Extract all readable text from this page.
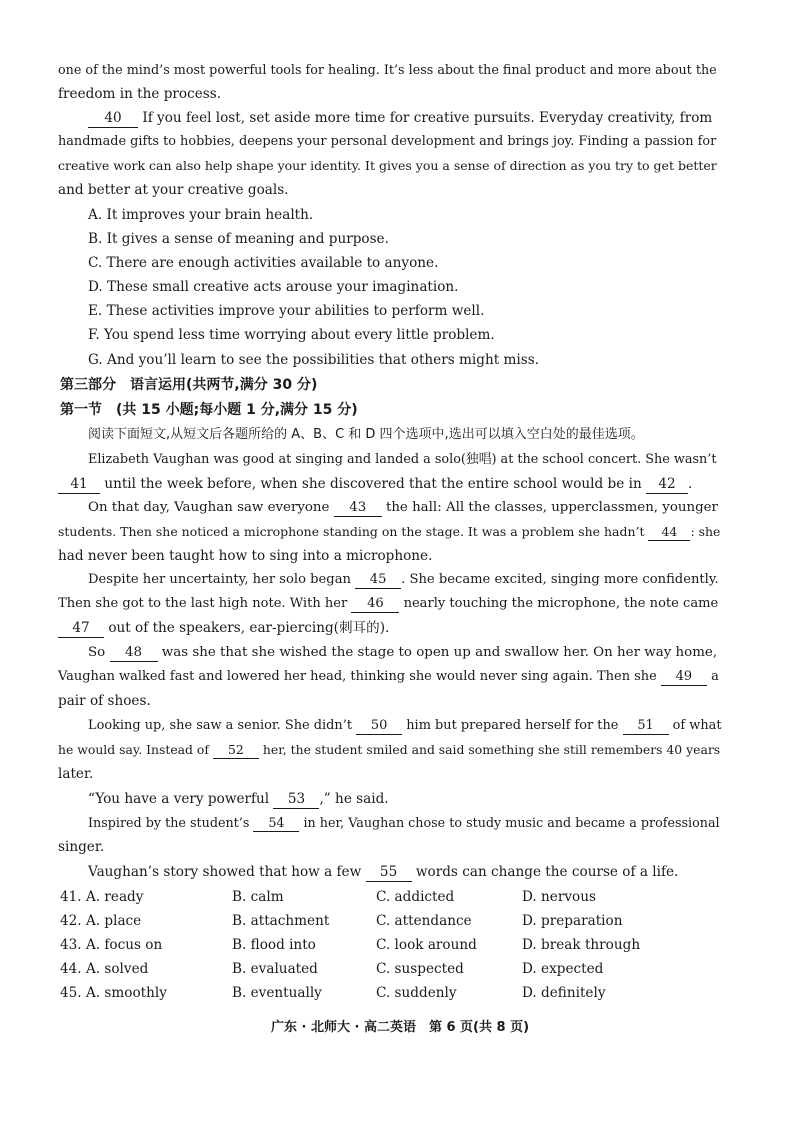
one of the mind’s most powerful tools for healing. It’s less about the final product and more about the
freedom in the process.
40 If you feel lost, set aside more time for creative pursuits. Everyday creativity, from
handmade gifts to hobbies, deepens your personal development and brings joy. Finding a passion for
creative work can also help shape your identity. It gives you a sense of direction as you try to get better
and better at your creative goals.
A. It improves your brain health.
B. It gives a sense of meaning and purpose.
C. There are enough activities available to anyone.
D. These small creative acts arouse your imagination.
E. These activities improve your abilities to perform well.
F. You spend less time worrying about every little problem.
G. And you’ll learn to see the possibilities that others might miss.
第三部分　语言运用(共两节,满分 30 分)
第一节　(共 15 小题;每小题 1 分,满分 15 分)
阅读下面短文,从短文后各题所给的 A、B、C 和 D 四个选项中,选出可以填入空白处的最佳选项。
Elizabeth Vaughan was good at singing and landed a solo(独唱) at the school concert. She wasn’t
41 until the week before, when she discovered that the entire school would be in 42 .
On that day, Vaughan saw everyone 43 the hall: All the classes, upperclassmen, younger
students. Then she noticed a microphone standing on the stage. It was a problem she hadn’t 44 : she
had never been taught how to sing into a microphone.
Despite her uncertainty, her solo began 45 . She became excited, singing more confidently.
Then she got to the last high note. With her 46 nearly touching the microphone, the note came
47 out of the speakers, ear-piercing(刺耳的).
So 48 was she that she wished the stage to open up and swallow her. On her way home,
Vaughan walked fast and lowered her head, thinking she would never sing again. Then she 49 a
pair of shoes.
Looking up, she saw a senior. She didn’t 50 him but prepared herself for the 51 of what
he would say. Instead of 52 her, the student smiled and said something she still remembers 40 years
later.
“You have a very powerful 53 ,” he said.
Inspired by the student’s 54 in her, Vaughan chose to study music and became a professional
singer.
Vaughan’s story showed that how a few 55 words can change the course of a life.
41. A. ready	B. calm	C. addicted	D. nervous
42. A. place	B. attachment	C. attendance	D. preparation
43. A. focus on	B. flood into	C. look around	D. break through
44. A. solved	B. evaluated	C. suspected	D. expected
45. A. smoothly	B. eventually	C. suddenly	D. definitely
广东 · 北师大 · 高二英语　第 6 页(共 8 页)
